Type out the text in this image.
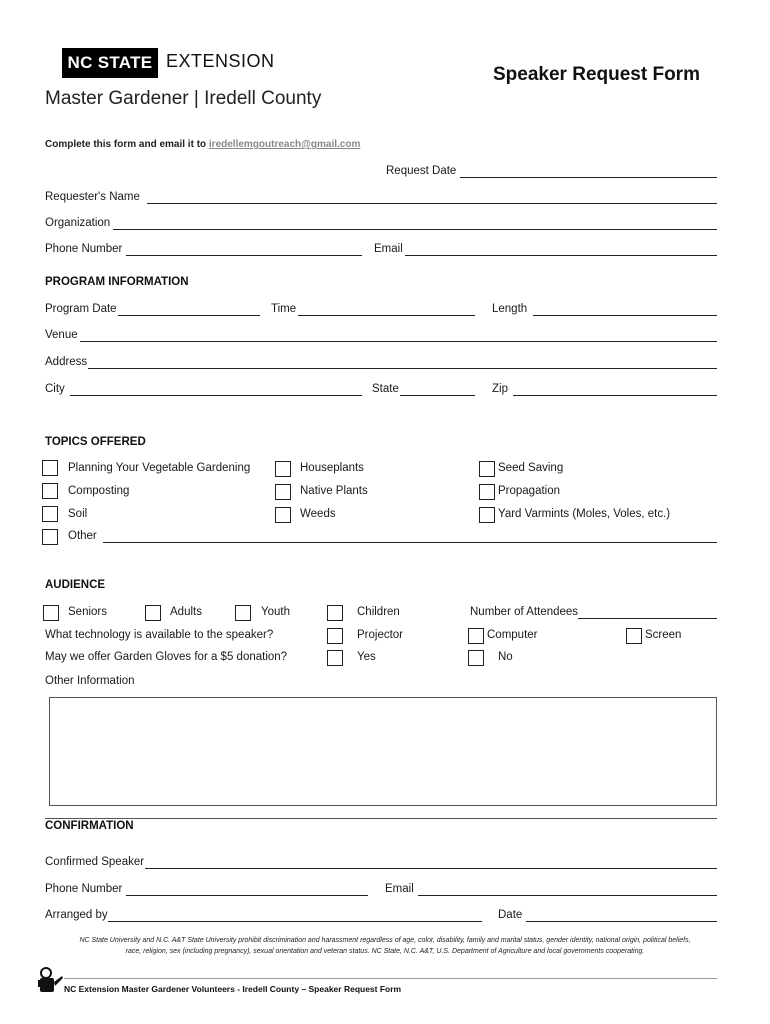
NC STATE EXTENSION
Master Gardener | Iredell County
Speaker Request Form
Complete this form and email it to iredellemgoutreach@gmail.com
Request Date
Requester's Name
Organization
Phone Number	Email
PROGRAM INFORMATION
Program Date	Time	Length
Venue
Address
City	State	Zip
TOPICS OFFERED
Planning Your Vegetable Gardening	Houseplants	Seed Saving
Composting	Native Plants	Propagation
Soil	Weeds	Yard Varmints (Moles, Voles, etc.)
Other
AUDIENCE
Seniors	Adults	Youth	Children	Number of Attendees
What technology is available to the speaker?	Projector	Computer	Screen
May we offer Garden Gloves for a $5 donation?	Yes	No
Other Information
CONFIRMATION
Confirmed Speaker
Phone Number	Email
Arranged by	Date
NC State University and N.C. A&T State University prohibit discrimination and harassment regardless of age, color, disability, family and marital status, gender identity, national origin, political beliefs,
race, religion, sex (including pregnancy), sexual orientation and veteran status. NC State, N.C. A&T, U.S. Department of Agriculture and local governments cooperating.
NC Extension Master Gardener Volunteers - Iredell County – Speaker Request Form
